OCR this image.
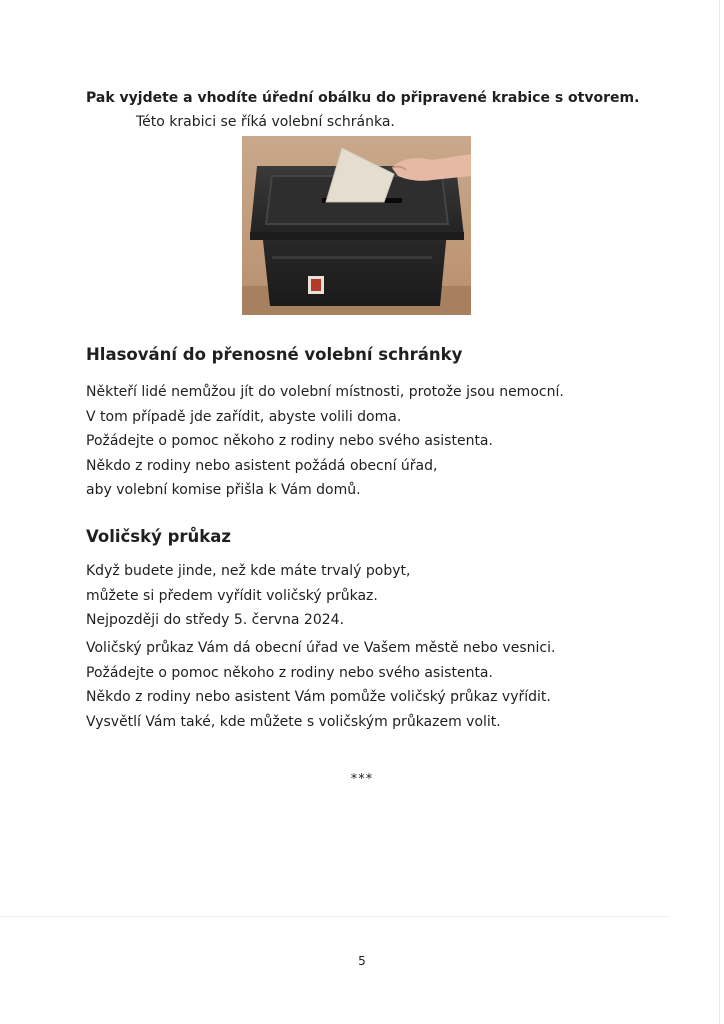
Pak vyjdete a vhodíte úřední obálku do připravené krabice s otvorem.
Této krabici se říká volební schránka.
Hlasování do přenosné volební schránky
Někteří lidé nemůžou jít do volební místnosti, protože jsou nemocní.
V tom případě jde zařídit, abyste volili doma.
Požádejte o pomoc někoho z rodiny nebo svého asistenta.
Někdo z rodiny nebo asistent požádá obecní úřad,
aby volební komise přišla k Vám domů.
Voličský průkaz
Když budete jinde, než kde máte trvalý pobyt,
můžete si předem vyřídit voličský průkaz.
Nejpozději do středy 5. června 2024.
Voličský průkaz Vám dá obecní úřad ve Vašem městě nebo vesnici.
Požádejte o pomoc někoho z rodiny nebo svého asistenta.
Někdo z rodiny nebo asistent Vám pomůže voličský průkaz vyřídit.
Vysvětlí Vám také, kde můžete s voličským průkazem volit.
***
5
